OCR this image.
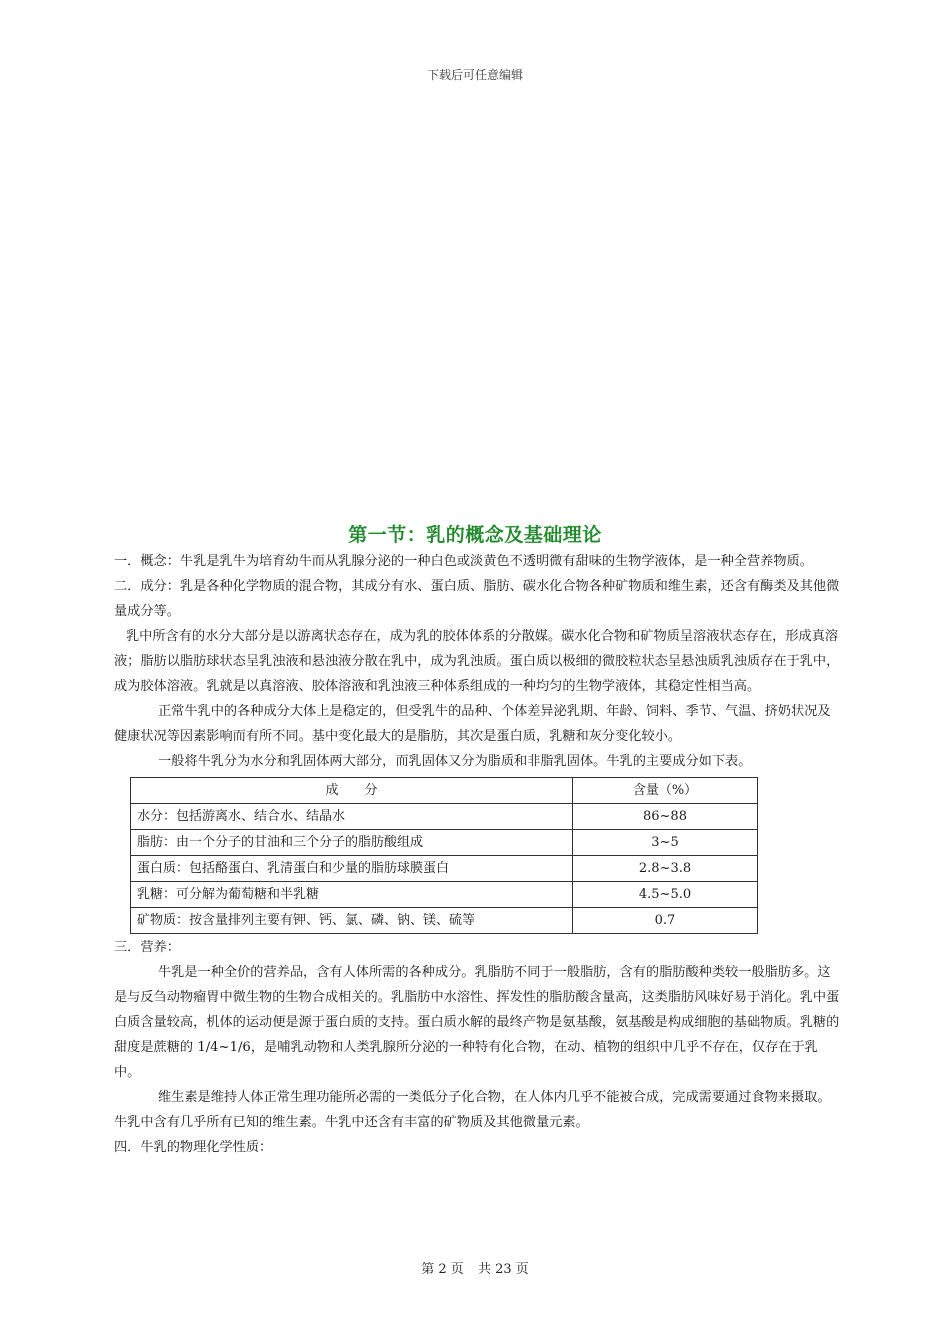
下载后可任意编辑
第一节：乳的概念及基础理论

一．概念：牛乳是乳牛为培育幼牛而从乳腺分泌的一种白色或淡黄色不透明微有甜味的生物学液体，是一种全营养物质。

二．成分：乳是各种化学物质的混合物，其成分有水、蛋白质、脂肪、碳水化合物各种矿物质和维生素，还含有酶类及其他微量成分等。

乳中所含有的水分大部分是以游离状态存在，成为乳的胶体体系的分散媒。碳水化合物和矿物质呈溶液状态存在，形成真溶液；脂肪以脂肪球状态呈乳浊液和悬浊液分散在乳中，成为乳浊质。蛋白质以极细的微胶粒状态呈悬浊质乳浊质存在于乳中，成为胶体溶液。乳就是以真溶液、胶体溶液和乳浊液三种体系组成的一种均匀的生物学液体，其稳定性相当高。

正常牛乳中的各种成分大体上是稳定的，但受乳牛的品种、个体差异泌乳期、年龄、饲料、季节、气温、挤奶状况及健康状况等因素影响而有所不同。基中变化最大的是脂肪，其次是蛋白质，乳糖和灰分变化较小。

一般将牛乳分为水分和乳固体两大部分，而乳固体又分为脂质和非脂乳固体。牛乳的主要成分如下表。

成　　分	含量（%）
水分：包括游离水、结合水、结晶水	86~88
脂肪：由一个分子的甘油和三个分子的脂肪酸组成	3~5
蛋白质：包括酪蛋白、乳清蛋白和少量的脂肪球膜蛋白	2.8~3.8
乳糖：可分解为葡萄糖和半乳糖	4.5~5.0
矿物质：按含量排列主要有钾、钙、氯、磷、钠、镁、硫等	0.7

三．营养：

牛乳是一种全价的营养品，含有人体所需的各种成分。乳脂肪不同于一般脂肪，含有的脂肪酸种类较一般脂肪多。这是与反刍动物瘤胃中微生物的生物合成相关的。乳脂肪中水溶性、挥发性的脂肪酸含量高，这类脂肪风味好易于消化。乳中蛋白质含量较高，机体的运动便是源于蛋白质的支持。蛋白质水解的最终产物是氨基酸，氨基酸是构成细胞的基础物质。乳糖的甜度是蔗糖的 1/4~1/6，是哺乳动物和人类乳腺所分泌的一种特有化合物，在动、植物的组织中几乎不存在，仅存在于乳中。

维生素是维持人体正常生理功能所必需的一类低分子化合物，在人体内几乎不能被合成，完成需要通过食物来摄取。牛乳中含有几乎所有已知的维生素。牛乳中还含有丰富的矿物质及其他微量元素。

四．牛乳的物理化学性质：

第 2 页 共 23 页
